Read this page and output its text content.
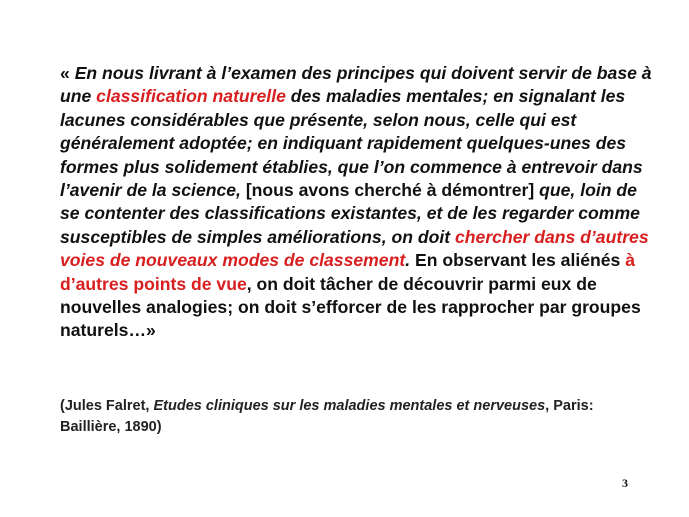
« En nous livrant à l’examen des principes qui doivent servir de base à une classification naturelle des maladies mentales; en signalant les lacunes considérables que présente, selon nous, celle qui est généralement adoptée; en indiquant rapidement quelques-unes des formes plus solidement établies, que l’on commence à entrevoir dans l’avenir de la science, [nous avons cherché à démontrer] que, loin de se contenter des classifications existantes, et de les regarder comme susceptibles de simples améliorations, on doit chercher dans d’autres voies de nouveaux modes de classement. En observant les aliénés à d’autres points de vue, on doit tâcher de découvrir parmi eux de nouvelles analogies; on doit s’efforcer de les rapprocher par groupes naturels…»

(Jules Falret, Etudes cliniques sur les maladies mentales et nerveuses, Paris: Baillière, 1890)

3
